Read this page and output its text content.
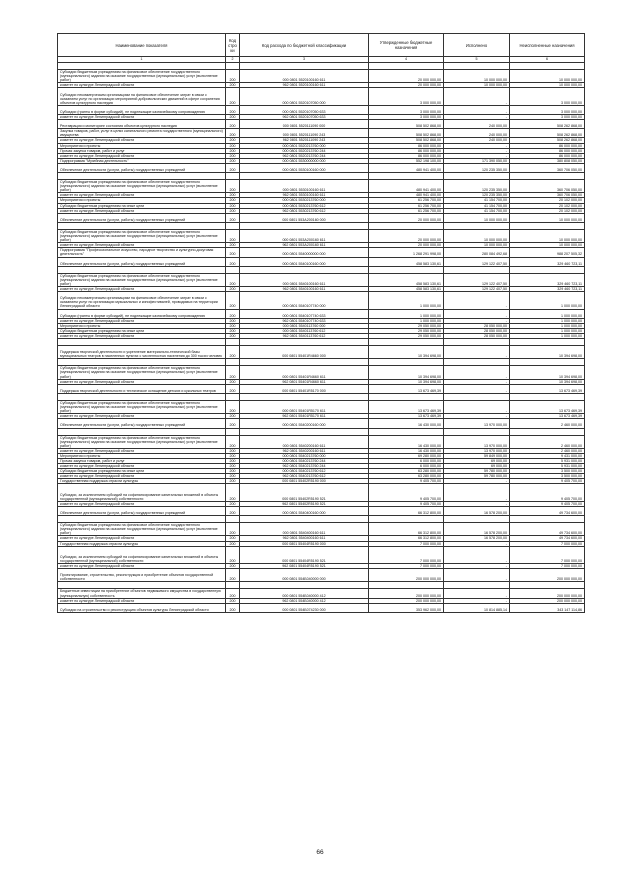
Наименование показателя	Код стро ки	Код расхода по бюджетной классификации	Утвержденные бюджетные назначения	Исполнено	Неисполненные назначения
1	2	3	4	5	6

Субсидии бюджетным учреждениям на финансовое обеспечение государственного (муниципального) задания на оказание государственных (муниципальных) услуг (выполнение работ)	200	000 0801 5520100160 611	20 000 000,00	10 000 000,00	10 000 000,00
комитет по культуре Ленинградской области	200	962 0801 5520100160 611	20 000 000,00	10 000 000,00	10 000 000,00
Субсидии некоммерческим организациям на финансовое обеспечение затрат в связи с оказанием услуг по организации мероприятий добровольческих движений в сфере сохранения объектов культурного наследия	200	000 0801 5520107050 000	3 000 000,00	-	3 000 000,00
Субсидии (гранты в форме субсидий), не подлежащие казначейскому сопровождению	200	000 0801 5520107050 633	3 000 000,00	-	3 000 000,00
комитет по культуре Ленинградской области	200	962 0801 5520107050 633	3 000 000,00	-	3 000 000,00
Реставрация и мониторинг состояния объектов культурного наследия	200	000 0801 5520111090 000	508 502 868,00	240 000,00	508 262 868,00
Закупка товаров, работ, услуг в целях капитального ремонта государственного (муниципального) имущества	200	000 0801 5520111090 243	508 502 868,00	240 000,00	508 262 868,00
комитет по культуре Ленинградской области	200	962 0801 5520111090 243	508 502 868,00	240 000,00	508 262 868,00
Мероприятия и проекты	200	000 0801 5520213760 000	86 000 000,00	-	86 000 000,00
Прочая закупка товаров, работ и услуг	200	000 0801 5520213760 244	86 000 000,00	-	86 000 000,00
комитет по культуре Ленинградской области	200	962 0801 5520213760 244	86 000 000,00	-	86 000 000,00
Подпрограмма "Музейная деятельность"	200	000 0801 5530000000 000	552 198 100,00	171 390 050,00	380 808 050,00
Обеспечение деятельности (услуги, работы) государственных учреждений	200	000 0801 5530100160 000	480 941 400,00	120 235 350,00	360 706 050,00

Субсидии бюджетным учреждениям на финансовое обеспечение государственного (муниципального) задания на оказание государственных (муниципальных) услуг (выполнение работ)	200	000 0801 5530100160 611	480 941 400,00	120 235 350,00	360 706 050,00
комитет по культуре Ленинградской области	200	962 0801 5530100160 611	480 941 400,00	120 235 350,00	360 706 050,00
Мероприятия и проекты	200	000 0801 5530213760 000	61 256 700,00	41 154 700,00	20 102 000,00
Субсидии бюджетным учреждениям на иные цели	200	000 0801 5530213760 612	61 256 700,00	41 154 700,00	20 102 000,00
комитет по культуре Ленинградской области	200	962 0801 5530213760 612	61 256 700,00	41 154 700,00	20 102 000,00
Обеспечение деятельности (услуги, работы) государственных учреждений	200	000 0801 553A200160 000	20 000 000,00	10 000 000,00	10 000 000,00

Субсидии бюджетным учреждениям на финансовое обеспечение государственного (муниципального) задания на оказание государственных (муниципальных) услуг (выполнение работ)	200	000 0801 553A200160 611	20 000 000,00	10 000 000,00	10 000 000,00
комитет по культуре Ленинградской области	200	962 0801 553A200160 611	20 000 000,00	10 000 000,00	10 000 000,00
Подпрограмма "Профессиональное искусство, народное творчество и культурно-досуговая деятельность"	200	000 0801 5540000000 000	1 268 291 998,00	280 084 492,68	988 207 505,32
Обеспечение деятельности (услуги, работы) государственных учреждений	200	000 0801 5540100160 000	458 583 130,61	129 122 407,50	329 460 723,11

Субсидии бюджетным учреждениям на финансовое обеспечение государственного (муниципального) задания на оказание государственных (муниципальных) услуг (выполнение работ)	200	000 0801 5540100160 611	458 583 130,61	129 122 407,50	329 460 723,11
комитет по культуре Ленинградской области	200	962 0801 5540100160 611	458 583 130,61	129 122 407,50	329 460 723,11
Субсидии некоммерческим организациям на финансовое обеспечение затрат в связи с оказанием услуг по организации музыкальных и кинофестивалей, проводимых на территории Ленинградской области	200	000 0801 5540107740 000	1 000 000,00	-	1 000 000,00
Субсидии (гранты в форме субсидий), не подлежащие казначейскому сопровождению	200	000 0801 5540107740 633	1 000 000,00	-	1 000 000,00
комитет по культуре Ленинградской области	200	962 0801 5540107740 633	1 000 000,00	-	1 000 000,00
Мероприятия и проекты	200	000 0801 5540113760 000	29 050 000,00	28 050 000,00	1 000 000,00
Субсидии бюджетным учреждениям на иные цели	200	000 0801 5540113760 612	29 050 000,00	28 050 000,00	1 000 000,00
комитет по культуре Ленинградской области	200	962 0801 5540113760 612	29 050 000,00	28 050 000,00	1 000 000,00

Поддержка творческой деятельности и укрепление материально-технической базы муниципальных театров в населенных пунктах с численностью населения до 300 тысяч человек	200	000 0801 55401R4660 000	10 394 698,00	-	10 394 698,00

Субсидии бюджетным учреждениям на финансовое обеспечение государственного (муниципального) задания на оказание государственных (муниципальных) услуг (выполнение работ)	200	000 0801 55401R4660 611	10 394 698,00	-	10 394 698,00
комитет по культуре Ленинградской области	200	962 0801 55401R4660 611	10 394 698,00	-	10 394 698,00
Поддержка творческой деятельности и техническое оснащение детских и кукольных театров	200	000 0801 55401R5170 000	13 673 469,39	-	13 673 469,39

Субсидии бюджетным учреждениям на финансовое обеспечение государственного (муниципального) задания на оказание государственных (муниципальных) услуг (выполнение работ)	200	000 0801 55401R5170 611	13 673 469,39	-	13 673 469,39
комитет по культуре Ленинградской области	200	962 0801 55401R5170 611	13 673 469,39	-	13 673 469,39
Обеспечение деятельности (услуги, работы) государственных учреждений	200	000 0801 5540200160 000	16 430 000,00	13 970 000,00	2 460 000,00

Субсидии бюджетным учреждениям на финансовое обеспечение государственного (муниципального) задания на оказание государственных (муниципальных) услуг (выполнение работ)	200	000 0801 5540200160 611	16 430 000,00	13 970 000,00	2 460 000,00
комитет по культуре Ленинградской области	200	962 0801 5540200160 611	16 430 000,00	13 970 000,00	2 460 000,00
Мероприятия и проекты	200	000 0801 5540213760 000	69 280 000,00	59 849 000,00	9 431 000,00
Прочая закупка товаров, работ и услуг	200	000 0801 5540213760 244	6 000 000,00	69 000,00	5 931 000,00
комитет по культуре Ленинградской области	200	962 0801 5540213760 244	6 000 000,00	69 000,00	5 931 000,00
Субсидии бюджетным учреждениям на иные цели	200	000 0801 5540213760 612	63 280 000,00	59 780 000,00	3 500 000,00
комитет по культуре Ленинградской области	200	962 0801 5540213760 612	63 280 000,00	59 780 000,00	3 500 000,00
Государственная поддержка отрасли культуры	200	000 0801 55402R5190 000	9 405 700,00	-	9 405 700,00
Субсидии, за исключением субсидий на софинансирование капитальных вложений в объекты государственной (муниципальной) собственности	200	000 0801 55402R5190 521	9 405 700,00	-	9 405 700,00
комитет по культуре Ленинградской области	200	962 0801 55402R5190 521	9 405 700,00	-	9 405 700,00
Обеспечение деятельности (услуги, работы) государственных учреждений	200	000 0801 5540400160 000	66 312 800,00	16 578 200,00	49 734 600,00

Субсидии бюджетным учреждениям на финансовое обеспечение государственного (муниципального) задания на оказание государственных (муниципальных) услуг (выполнение работ)	200	000 0801 5540400160 611	66 312 800,00	16 578 200,00	49 734 600,00
комитет по культуре Ленинградской области	200	962 0801 5540400160 611	66 312 800,00	16 578 200,00	49 734 600,00
Государственная поддержка отрасли культуры	200	000 0801 55404R5190 000	7 000 000,00	-	7 000 000,00
Субсидии, за исключением субсидий на софинансирование капитальных вложений в объекты государственной (муниципальной) собственности	200	000 0801 55404R5190 521	7 000 000,00	-	7 000 000,00
комитет по культуре Ленинградской области	200	962 0801 55404R5190 521	7 000 000,00	-	7 000 000,00
Проектирование, строительство, реконструкция и приобретение объектов государственной собственности	200	000 0801 554Б040000 000	200 000 000,00	-	200 000 000,00

Бюджетные инвестиции на приобретение объектов недвижимого имущества в государственную (муниципальную) собственность	200	000 0801 554Б040000 412	200 000 000,00	-	200 000 000,00
комитет по культуре Ленинградской области	200	962 0801 554Б040000 412	200 000 000,00	-	200 000 000,00
Субсидии на строительство и реконструкцию объектов культуры Ленинградской области	200	000 0801 554Б074230 000	353 962 000,00	10 814 885,14	343 147 114,86
66
